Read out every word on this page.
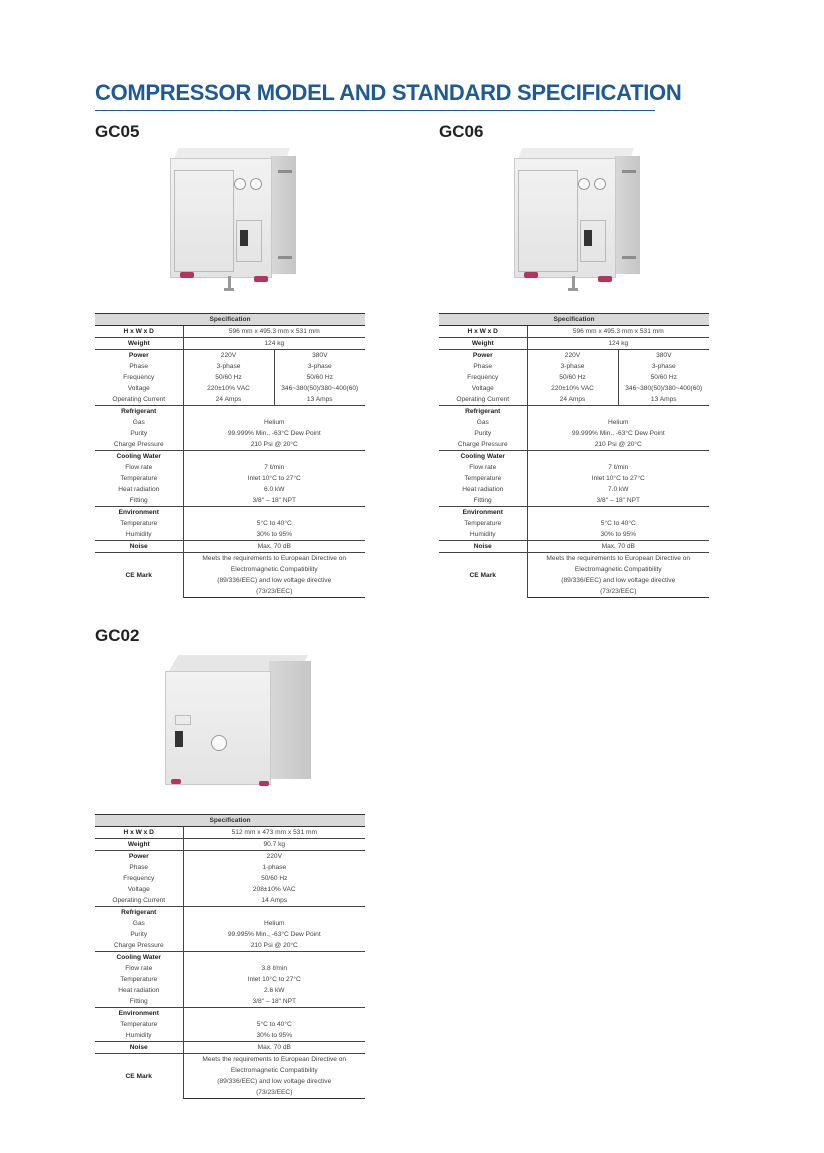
COMPRESSOR MODEL AND STANDARD SPECIFICATION
GC05	GC06
GC02
Specification		
H x W x D	596 mm x 495.3 mm x 531 mm	
Weight	124 kg	
Power	220V	380V
Phase	3-phase	3-phase
Frequency	50/60 Hz	50/60 Hz
Voltage	220±10% VAC	346~380(50)/380~400(60)
Operating Current	24 Amps	13 Amps
Refrigerant		
Gas	Helium	
Purity	99.999% Min., -63°C Dew Point	
Charge Pressure	210 Psi @ 20°C	
Cooling Water		
Flow rate	7 ℓ/min	
Temperature	Inlet 10°C to 27°C	
Heat radiation	6.0 kW	
Fitting	3/8" – 18" NPT	
Environment		
Temperature	5°C to 40°C	
Humidity	30% to 95%	
Noise	Max. 70 dB	
CE Mark	Meets the requirements to European Directive on	
	Electromagnetic Compatibility	
	(89/336/EEC) and low voltage directive	
	(73/23/EEC)	
Specification		
H x W x D	596 mm x 495.3 mm x 531 mm	
Weight	124 kg	
Power	220V	380V
Phase	3-phase	3-phase
Frequency	50/60 Hz	50/60 Hz
Voltage	220±10% VAC	346~380(50)/380~400(60)
Operating Current	24 Amps	13 Amps
Refrigerant		
Gas	Helium	
Purity	99.999% Min., -63°C Dew Point	
Charge Pressure	210 Psi @ 20°C	
Cooling Water		
Flow rate	7 ℓ/min	
Temperature	Inlet 10°C to 27°C	
Heat radiation	7.0 kW	
Fitting	3/8" – 18" NPT	
Environment		
Temperature	5°C to 40°C	
Humidity	30% to 95%	
Noise	Max. 70 dB	
CE Mark	Meets the requirements to European Directive on	
	Electromagnetic Compatibility	
	(89/336/EEC) and low voltage directive	
	(73/23/EEC)	
Specification	
H x W x D	512 mm x 473 mm x 531 mm
Weight	90.7 kg
Power	220V
Phase	1-phase
Frequency	50/60 Hz
Voltage	208±10% VAC
Operating Current	14 Amps
Refrigerant	
Gas	Helium
Purity	99.995% Min., -63°C Dew Point
Charge Pressure	210 Psi @ 20°C
Cooling Water	
Flow rate	3.8 ℓ/min
Temperature	Inlet 10°C to 27°C
Heat radiation	2.6 kW
Fitting	3/8" – 18" NPT
Environment	
Temperature	5°C to 40°C
Humidity	30% to 95%
Noise	Max. 70 dB
CE Mark	Meets the requirements to European Directive on
	Electromagnetic Compatibility
	(89/336/EEC) and low voltage directive
	(73/23/EEC)
